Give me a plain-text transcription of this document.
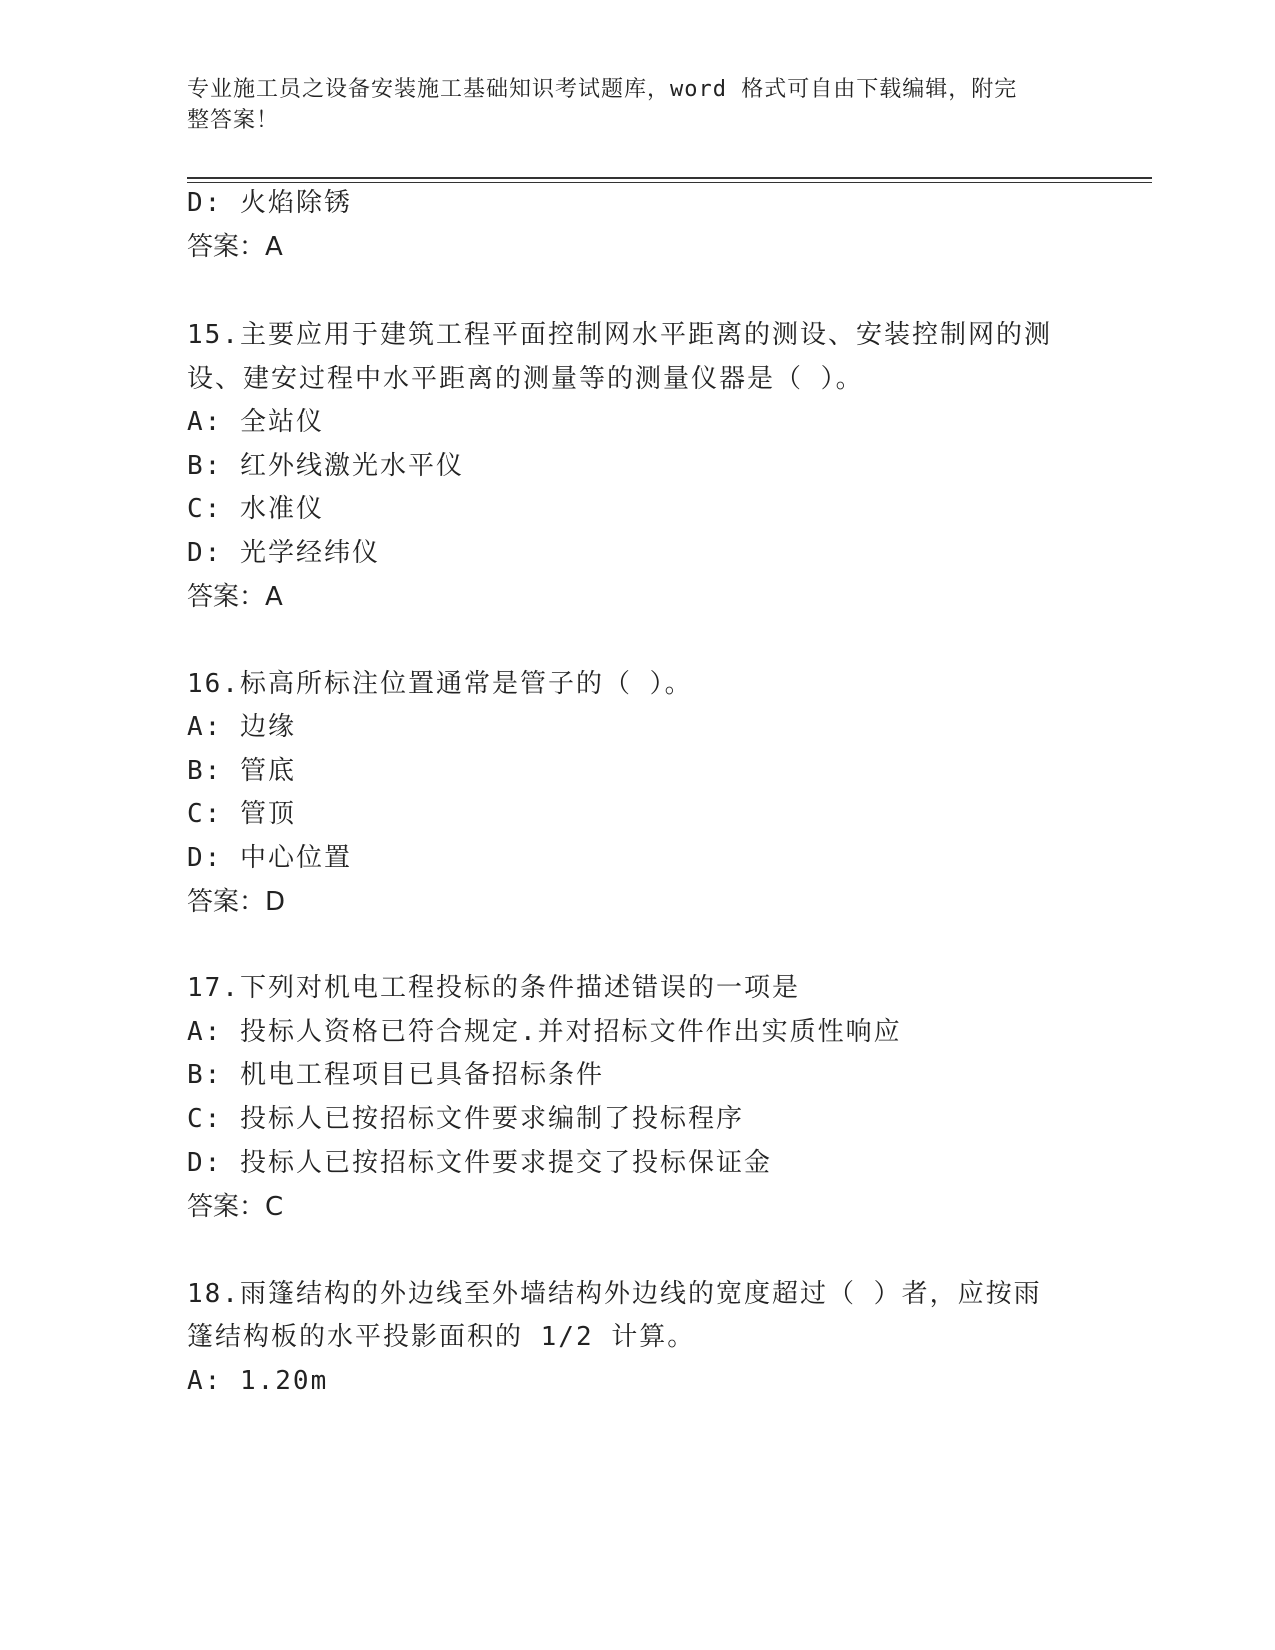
专业施工员之设备安装施工基础知识考试题库，word 格式可自由下载编辑，附完
整答案！
D: 火焰除锈
答案：A
15.主要应用于建筑工程平面控制网水平距离的测设、安装控制网的测
设、建安过程中水平距离的测量等的测量仪器是（ ）。
A: 全站仪
B: 红外线激光水平仪
C: 水准仪
D: 光学经纬仪
答案：A
16.标高所标注位置通常是管子的（ ）。
A: 边缘
B: 管底
C: 管顶
D: 中心位置
答案：D
17.下列对机电工程投标的条件描述错误的一项是
A: 投标人资格已符合规定.并对招标文件作出实质性响应
B: 机电工程项目已具备招标条件
C: 投标人已按招标文件要求编制了投标程序
D: 投标人已按招标文件要求提交了投标保证金
答案：C
18.雨篷结构的外边线至外墙结构外边线的宽度超过（ ）者，应按雨
篷结构板的水平投影面积的 1/2 计算。
A: 1.20m
